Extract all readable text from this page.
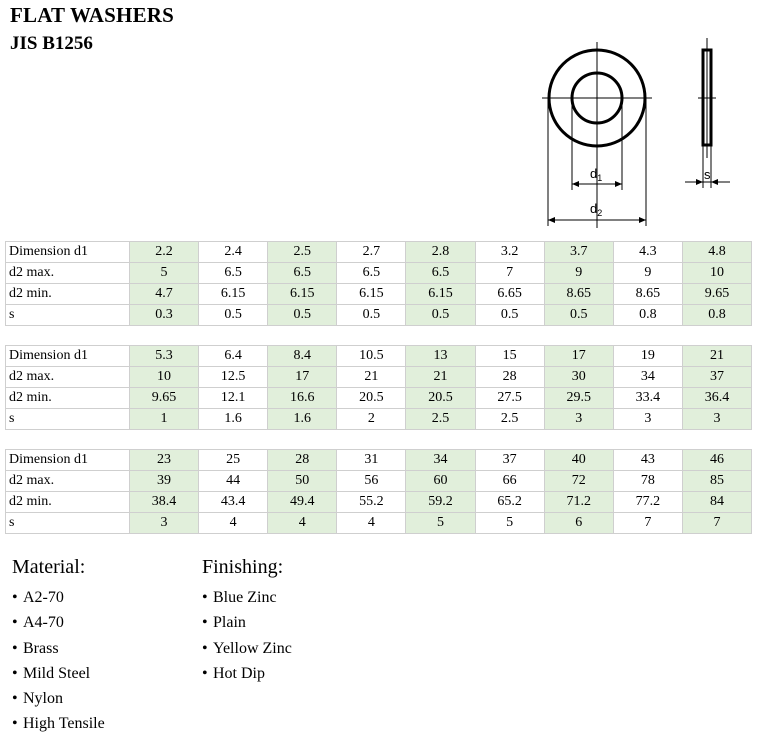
FLAT WASHERS
JIS B1256
$d_1$
$d_2$
s
Dimension d1	2.2	2.4	2.5	2.7	2.8	3.2	3.7	4.3	4.8
d2 max.	5	6.5	6.5	6.5	6.5	7	9	9	10
d2 min.	4.7	6.15	6.15	6.15	6.15	6.65	8.65	8.65	9.65
s	0.3	0.5	0.5	0.5	0.5	0.5	0.5	0.8	0.8
Dimension d1	5.3	6.4	8.4	10.5	13	15	17	19	21
d2 max.	10	12.5	17	21	21	28	30	34	37
d2 min.	9.65	12.1	16.6	20.5	20.5	27.5	29.5	33.4	36.4
s	1	1.6	1.6	2	2.5	2.5	3	3	3
Dimension d1	23	25	28	31	34	37	40	43	46
d2 max.	39	44	50	56	60	66	72	78	85
d2 min.	38.4	43.4	49.4	55.2	59.2	65.2	71.2	77.2	84
s	3	4	4	4	5	5	6	7	7
Material:
• A2-70
• A4-70
• Brass
• Mild Steel
• Nylon
• High Tensile
Finishing:
• Blue Zinc
• Plain
• Yellow Zinc
• Hot Dip
